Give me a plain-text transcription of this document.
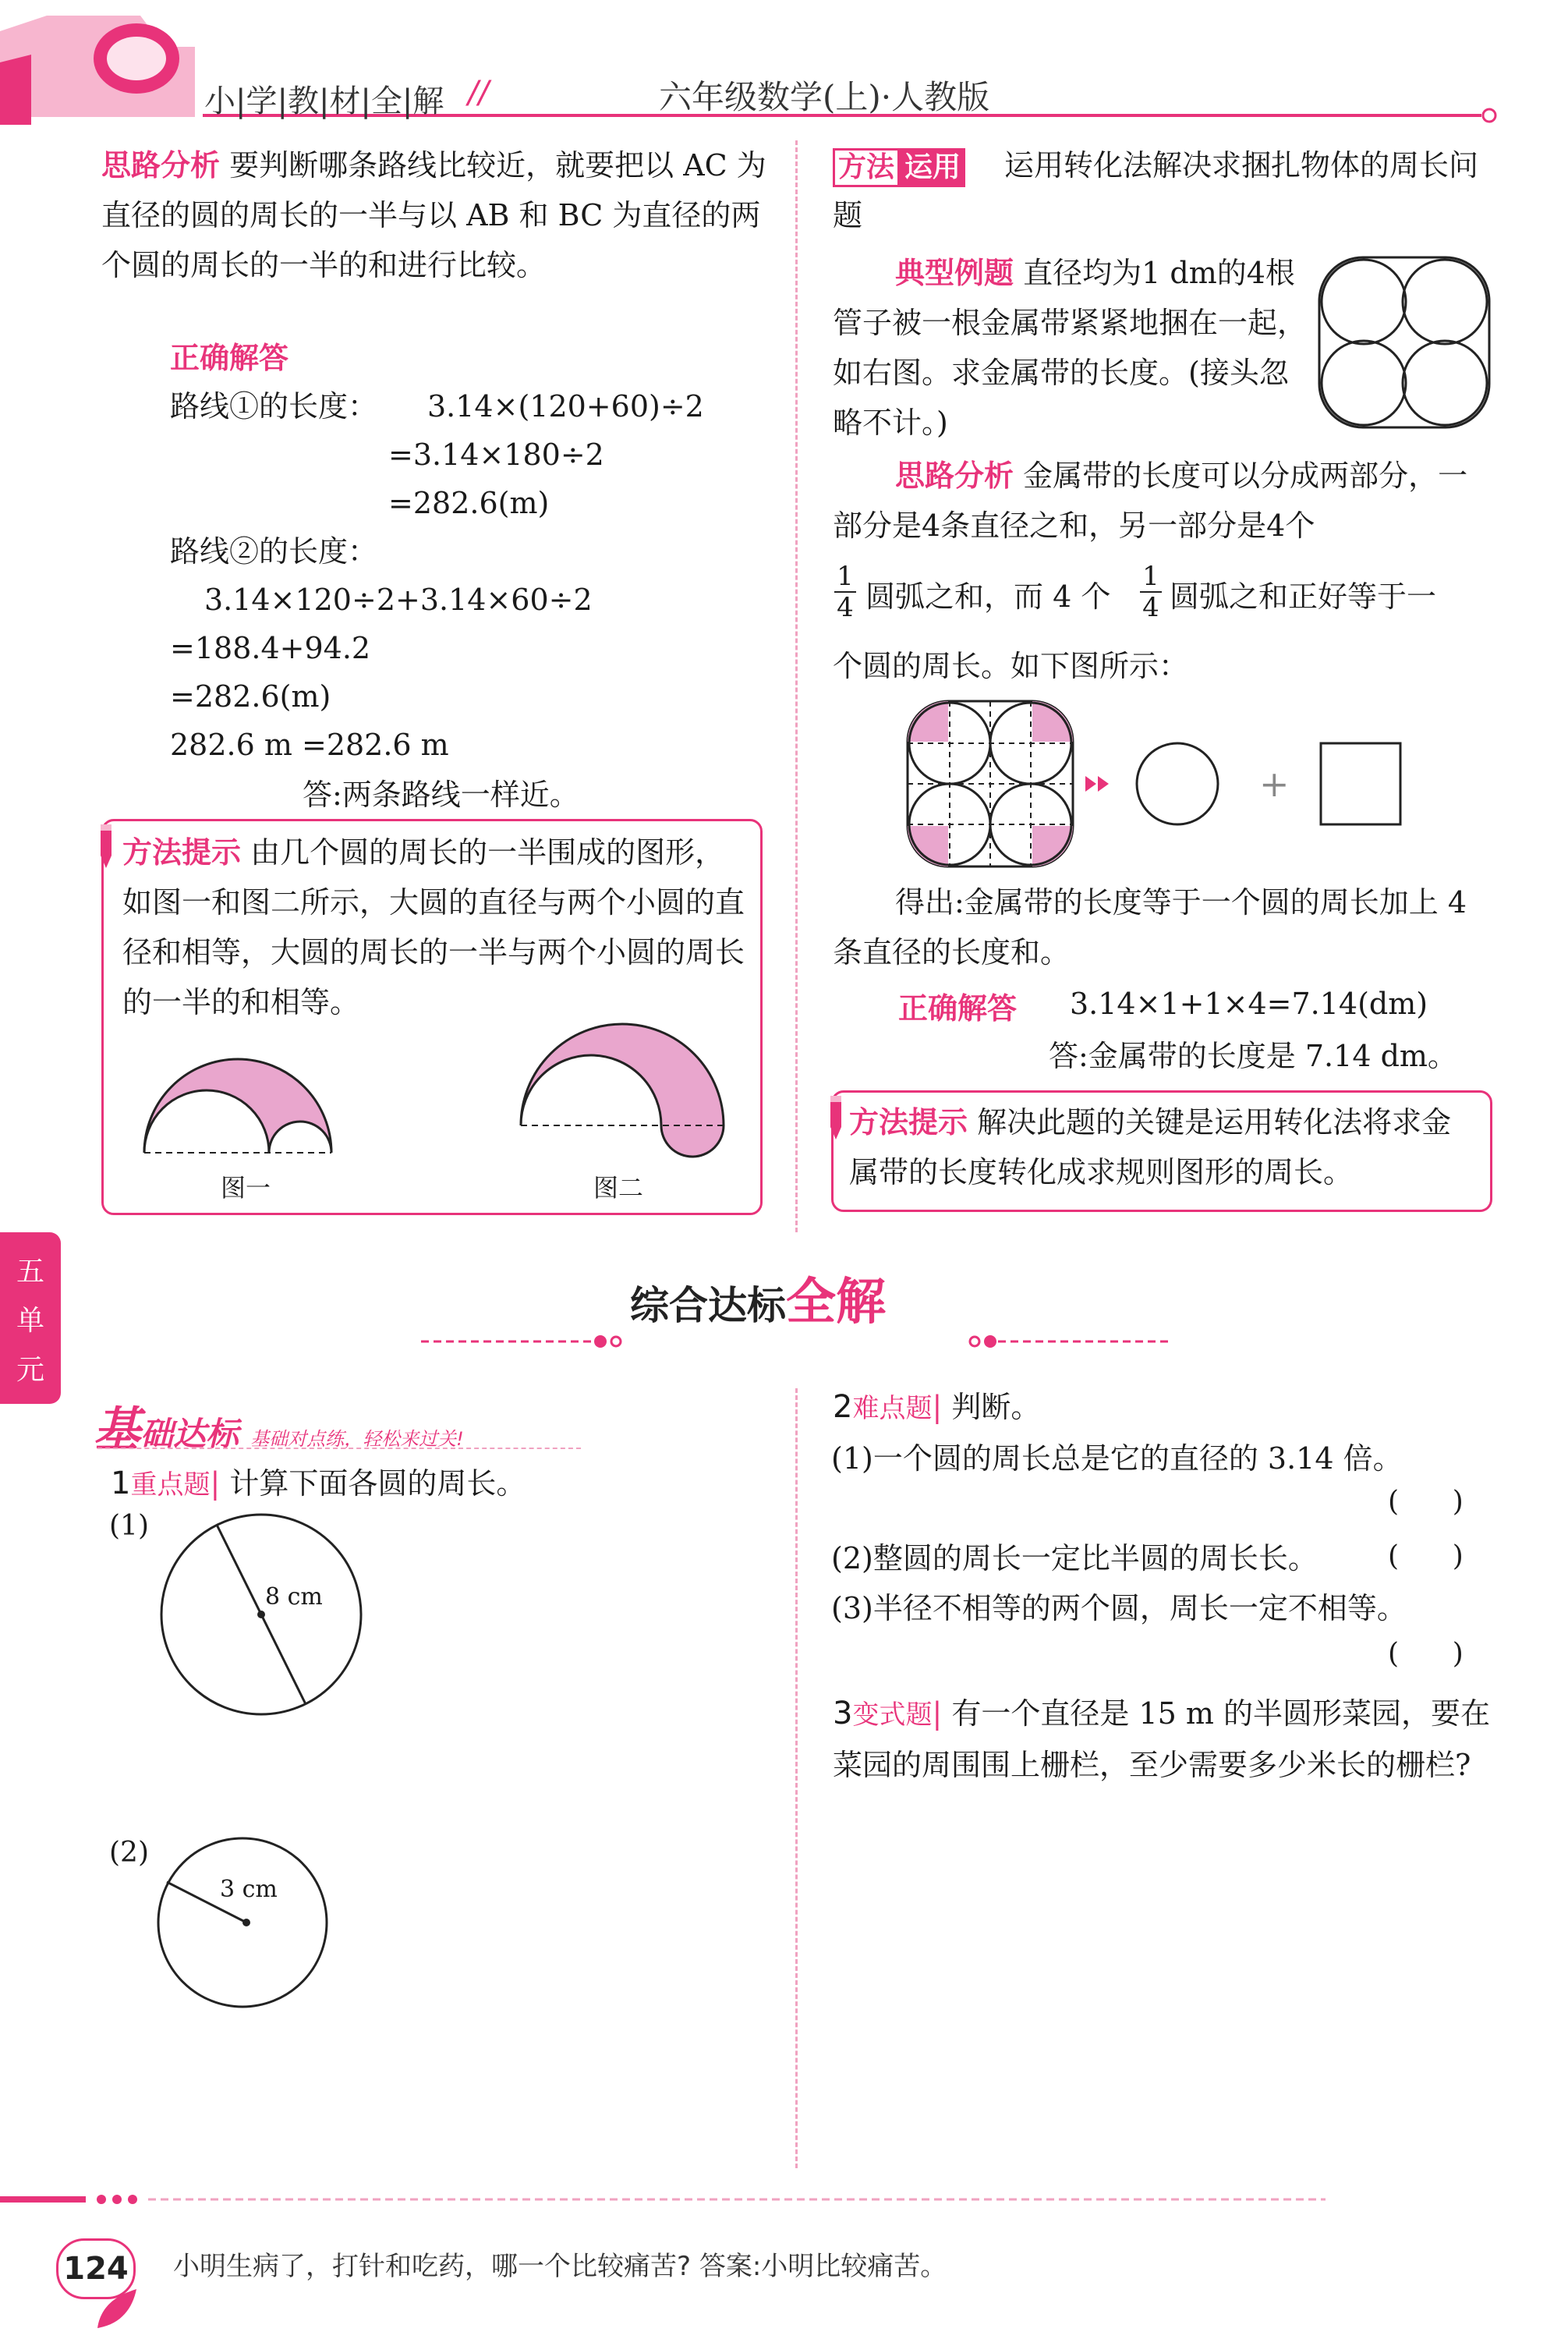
小|学|教|材|全|解 //	六年级数学(上)·人教版
思路分析 要判断哪条路线比较近，就要把以 AC 为直径的圆的周长的一半与以 AB 和 BC 为直径的两个圆的周长的一半的和进行比较。
正确解答
路线①的长度： 3.14×(120+60)÷2
=3.14×180÷2
=282.6(m)
路线②的长度：
3.14×120÷2+3.14×60÷2
=188.4+94.2
=282.6(m)
282.6 m =282.6 m
答:两条路线一样近。
方法提示 由几个圆的周长的一半围成的图形，如图一和图二所示，大圆的直径与两个小圆的直径和相等，大圆的周长的一半与两个小圆的周长的一半的和相等。
图一	图二
方法 运用	运用转化法解决求捆扎物体的周长问题
典型例题 直径均为1 dm的4根管子被一根金属带紧紧地捆在一起，如右图。求金属带的长度。(接头忽略不计。)
思路分析 金属带的长度可以分成两部分，一部分是4条直径之和，另一部分是4个
$\frac{1}{4}$ 圆弧之和，而 4 个 $\frac{1}{4}$ 圆弧之和正好等于一
个圆的周长。如下图所示：
+
得出:金属带的长度等于一个圆的周长加上 4 条直径的长度和。
正确解答 3.14×1+1×4=7.14(dm)
答:金属带的长度是 7.14 dm。
方法提示 解决此题的关键是运用转化法将求金属带的长度转化成求规则图形的周长。
五
单
元
综合达标全解
基础达标 基础对点练，轻松来过关!
1重点题| 计算下面各圆的周长。
(1)
8 cm
(2)
3 cm
2难点题| 判断。
(1)一个圆的周长总是它的直径的 3.14 倍。
(      )
(2)整圆的周长一定比半圆的周长长。	(      )
(3)半径不相等的两个圆，周长一定不相等。
(      )
3变式题| 有一个直径是 15 m 的半圆形菜园，要在菜园的周围围上栅栏，至少需要多少米长的栅栏?
124 小明生病了，打针和吃药，哪一个比较痛苦? 答案:小明比较痛苦。
